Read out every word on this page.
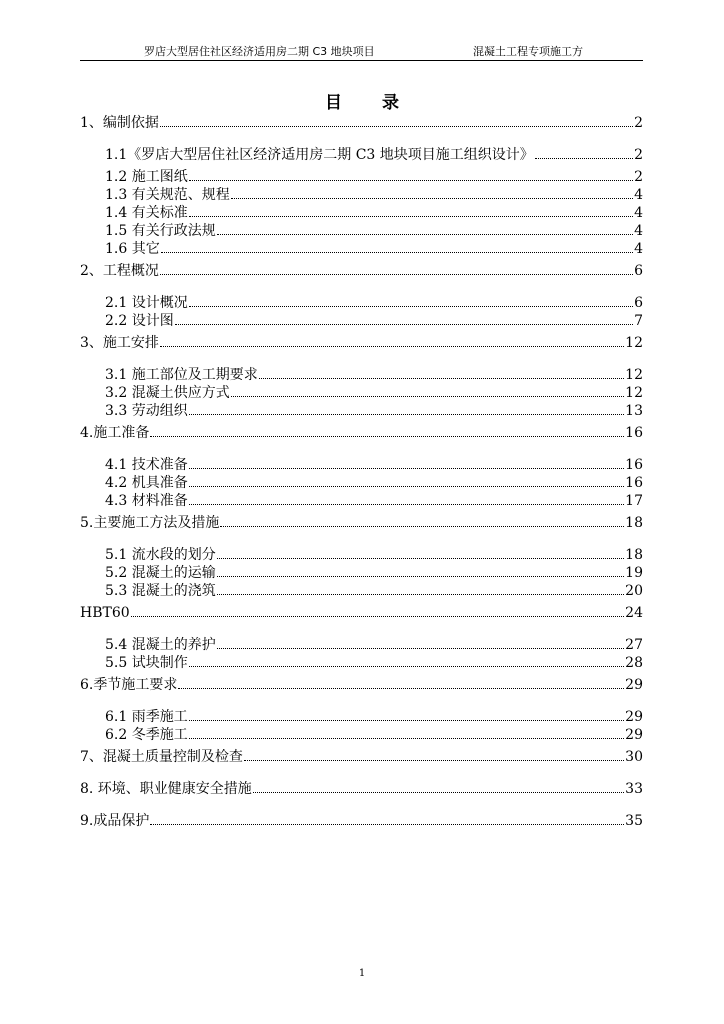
罗店大型居住社区经济适用房二期 C3 地块项目	混凝土工程专项施工方
目录
1、编制依据	2
1.1《罗店大型居住社区经济适用房二期 C3 地块项目施工组织设计》	2
1.2 施工图纸	2
1.3 有关规范、规程	4
1.4 有关标准	4
1.5 有关行政法规	4
1.6 其它	4
2、工程概况	6
2.1 设计概况	6
2.2 设计图	7
3、施工安排	12
3.1 施工部位及工期要求	12
3.2 混凝土供应方式	12
3.3 劳动组织	13
4.施工准备	16
4.1 技术准备	16
4.2 机具准备	16
4.3 材料准备	17
5.主要施工方法及措施	18
5.1 流水段的划分	18
5.2 混凝土的运输	19
5.3 混凝土的浇筑	20
HBT60	24
5.4 混凝土的养护	27
5.5 试块制作	28
6.季节施工要求	29
6.1 雨季施工	29
6.2 冬季施工	29
7、混凝土质量控制及检查	30
8. 环境、职业健康安全措施	33
9.成品保护	35
1
